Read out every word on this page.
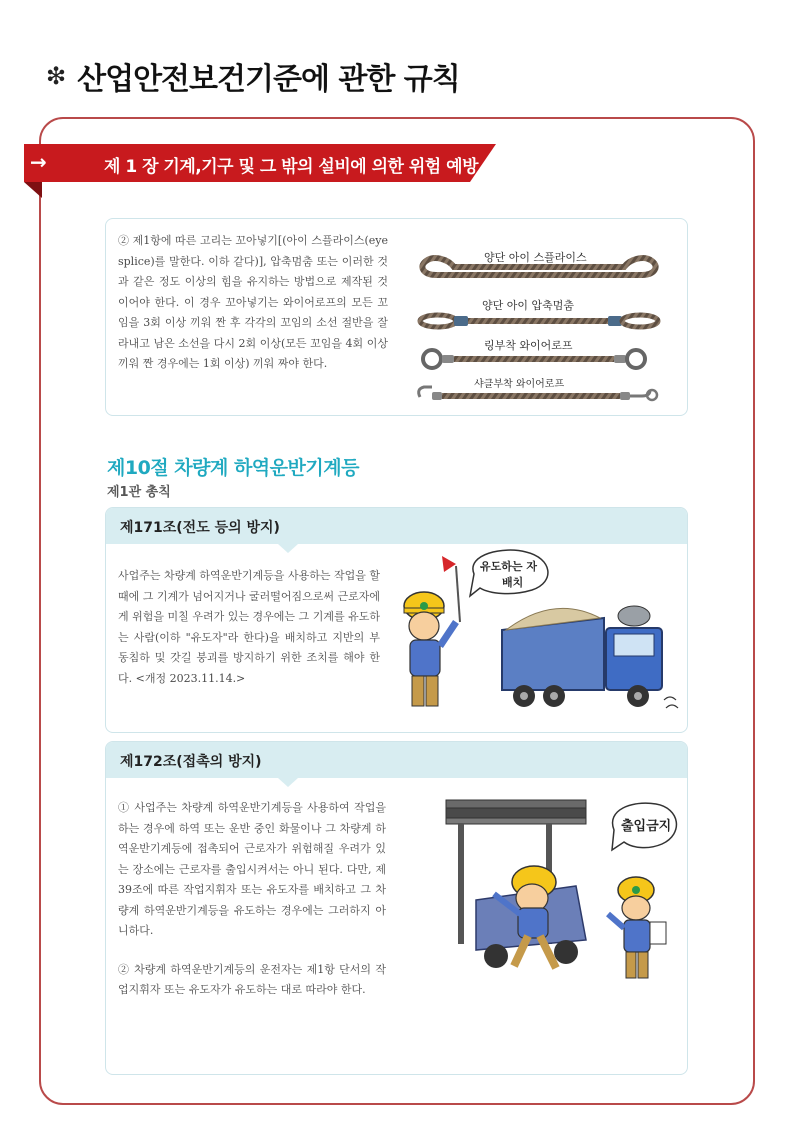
❇ 산업안전보건기준에 관한 규칙
→	제 1 장 기계,기구 및 그 밖의 설비에 의한 위험 예방

② 제1항에 따른 고리는 꼬아넣기[(아이 스플라이스(eye splice)를 말한다. 이하 같다)], 압축멈춤 또는 이러한 것과 같은 정도 이상의 힘을 유지하는 방법으로 제작된 것이어야 한다. 이 경우 꼬아넣기는 와이어로프의 모든 꼬임을 3회 이상 끼워 짠 후 각각의 꼬임의 소선 절반을 잘라내고 남은 소선을 다시 2회 이상(모든 꼬임을 4회 이상 끼워 짠 경우에는 1회 이상) 끼워 짜야 한다.

양단 아이 스플라이스
양단 아이 압축멈춤
링부착 와이어로프
샤클부착 와이어로프
제10절 차량계 하역운반기계등
제1관 총칙
제171조(전도 등의 방지)

사업주는 차량계 하역운반기계등을 사용하는 작업을 할 때에 그 기계가 넘어지거나 굴러떨어짐으로써 근로자에게 위험을 미칠 우려가 있는 경우에는 그 기계를 유도하는 사람(이하 "유도자"라 한다)을 배치하고 지반의 부동침하 및 갓길 붕괴를 방지하기 위한 조치를 해야 한다. <개정 2023.11.14.>

유도하는 자
배치
제172조(접촉의 방지)
① 사업주는 차량계 하역운반기계등을 사용하여 작업을 하는 경우에 하역 또는 운반 중인 화물이나 그 차량계 하역운반기계등에 접촉되어 근로자가 위험해질 우려가 있는 장소에는 근로자를 출입시켜서는 아니 된다. 다만, 제39조에 따른 작업지휘자 또는 유도자를 배치하고 그 차량계 하역운반기계등을 유도하는 경우에는 그러하지 아니하다.
② 차량계 하역운반기계등의 운전자는 제1항 단서의 작업지휘자 또는 유도자가 유도하는 대로 따라야 한다.
출입금지
